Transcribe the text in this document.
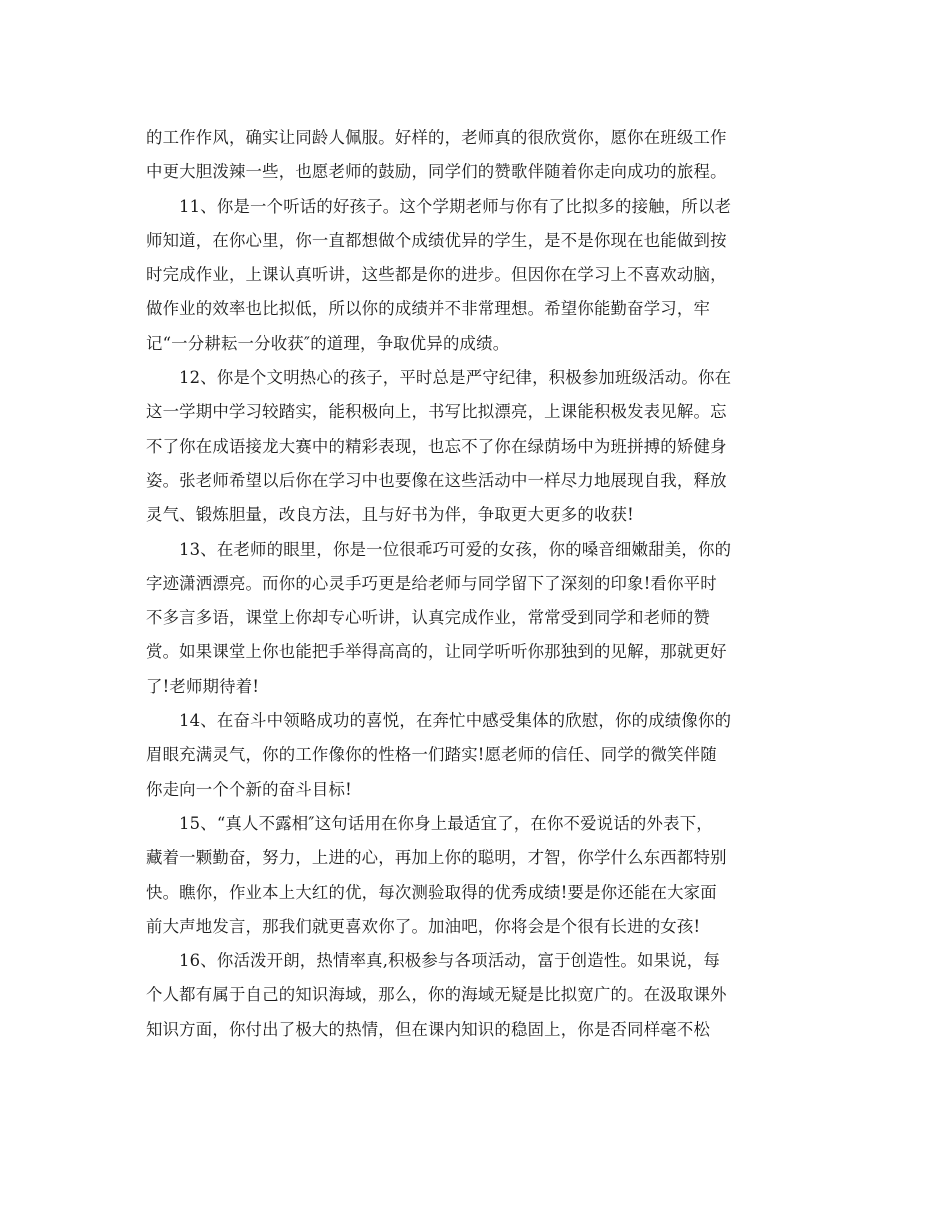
的工作作风，确实让同龄人佩服。好样的，老师真的很欣赏你，愿你在班级工作
中更大胆泼辣一些，也愿老师的鼓励，同学们的赞歌伴随着你走向成功的旅程。
11、你是一个听话的好孩子。这个学期老师与你有了比拟多的接触，所以老
师知道，在你心里，你一直都想做个成绩优异的学生，是不是你现在也能做到按
时完成作业，上课认真听讲，这些都是你的进步。但因你在学习上不喜欢动脑，
做作业的效率也比拟低，所以你的成绩并不非常理想。希望你能勤奋学习，牢
记“一分耕耘一分收获″的道理，争取优异的成绩。
12、你是个文明热心的孩子，平时总是严守纪律，积极参加班级活动。你在
这一学期中学习较踏实，能积极向上，书写比拟漂亮，上课能积极发表见解。忘
不了你在成语接龙大赛中的精彩表现，也忘不了你在绿荫场中为班拼搏的矫健身
姿。张老师希望以后你在学习中也要像在这些活动中一样尽力地展现自我，释放
灵气、锻炼胆量，改良方法，且与好书为伴，争取更大更多的收获!
13、在老师的眼里，你是一位很乖巧可爱的女孩，你的嗓音细嫩甜美，你的
字迹潇洒漂亮。而你的心灵手巧更是给老师与同学留下了深刻的印象!看你平时
不多言多语，课堂上你却专心听讲，认真完成作业，常常受到同学和老师的赞
赏。如果课堂上你也能把手举得高高的，让同学听听你那独到的见解，那就更好
了!老师期待着!
14、在奋斗中领略成功的喜悦，在奔忙中感受集体的欣慰，你的成绩像你的
眉眼充满灵气，你的工作像你的性格一们踏实!愿老师的信任、同学的微笑伴随
你走向一个个新的奋斗目标!
15、“真人不露相″这句话用在你身上最适宜了，在你不爱说话的外表下，
藏着一颗勤奋，努力，上进的心，再加上你的聪明，才智，你学什么东西都特别
快。瞧你，作业本上大红的优，每次测验取得的优秀成绩!要是你还能在大家面
前大声地发言，那我们就更喜欢你了。加油吧，你将会是个很有长进的女孩!
16、你活泼开朗，热情率真,积极参与各项活动，富于创造性。如果说，每
个人都有属于自己的知识海域，那么，你的海域无疑是比拟宽广的。在汲取课外
知识方面，你付出了极大的热情，但在课内知识的稳固上，你是否同样毫不松
